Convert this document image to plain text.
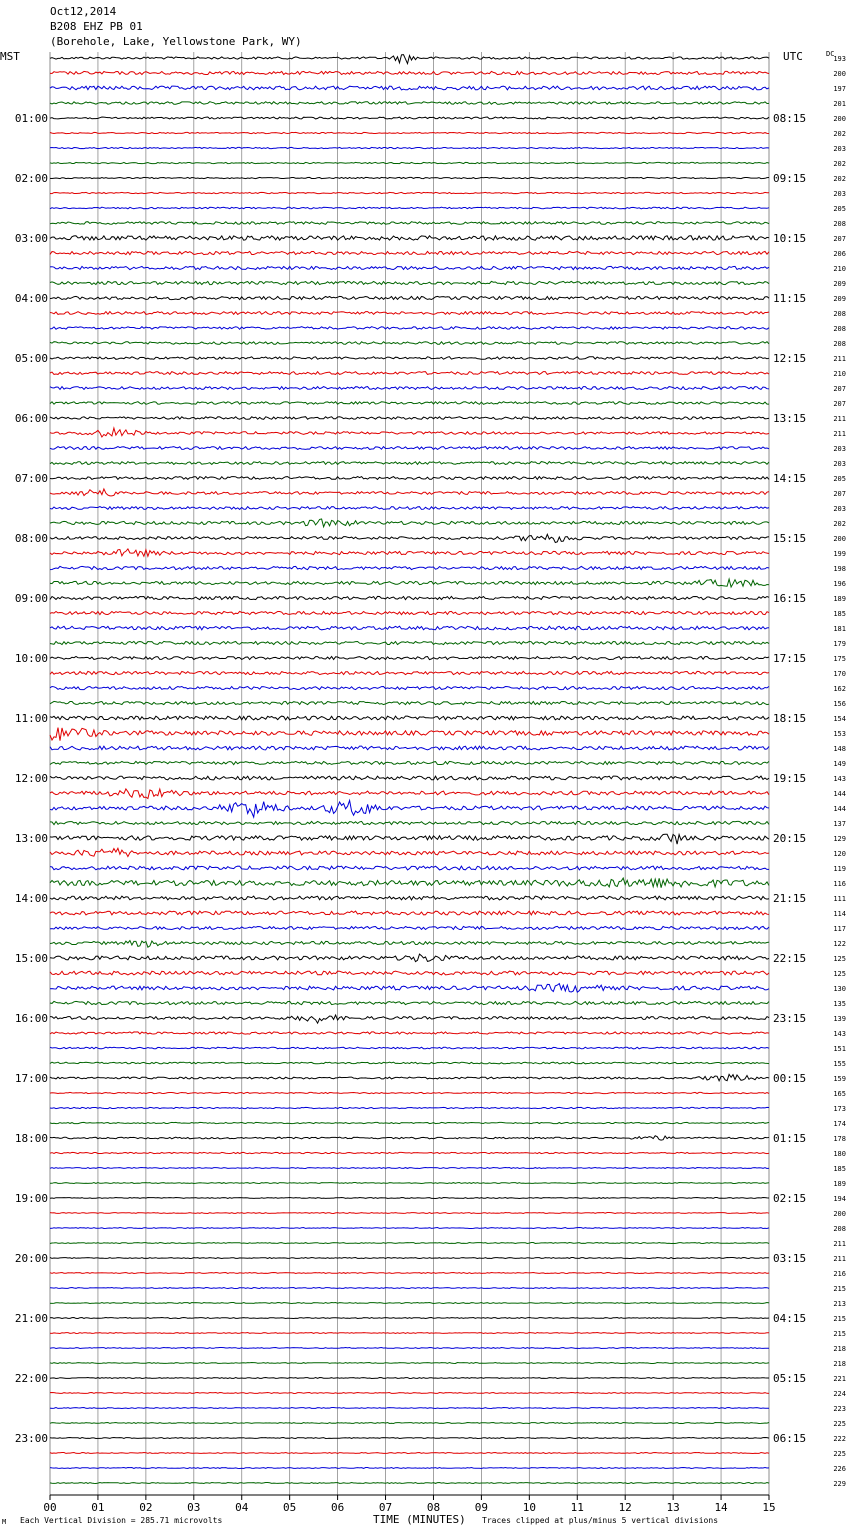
Oct12,2014
B208 EHZ PB 01
(Borehole, Lake, Yellowstone Park, WY)
MST	UTC	DC
M Each Vertical Division = 285.71 microvolts	TIME (MINUTES) Traces clipped at plus/minus 5 vertical divisions
00	01	02	03	04	05	06	07	08	09	10	11	12	13	14	15
193
200
197
201
200
202
203
202
202
203
205
208
207
206
210
209
209
208
208
208
211
210
207
207
211
211
203
203
205
207
203
202
200
199
198
196
189
185
181
179
175
170
162
156
154
153
148
149
143
144
144
137
129
120
119
116
111
114
117
122
125
125
130
135
139
143
151
155
159
165
173
174
178
180
185
189
194
200
208
211
211
216
215
213
215
215
218
218
221
224
223
225
222
225
226
229
01:00	08:15
02:00	09:15
03:00	10:15
04:00	11:15
05:00	12:15
06:00	13:15
07:00	14:15
08:00	15:15
09:00	16:15
10:00	17:15
11:00	18:15
12:00	19:15
13:00	20:15
14:00	21:15
15:00	22:15
16:00	23:15
17:00	00:15
18:00	01:15
19:00	02:15
20:00	03:15
21:00	04:15
22:00	05:15
23:00	06:15
